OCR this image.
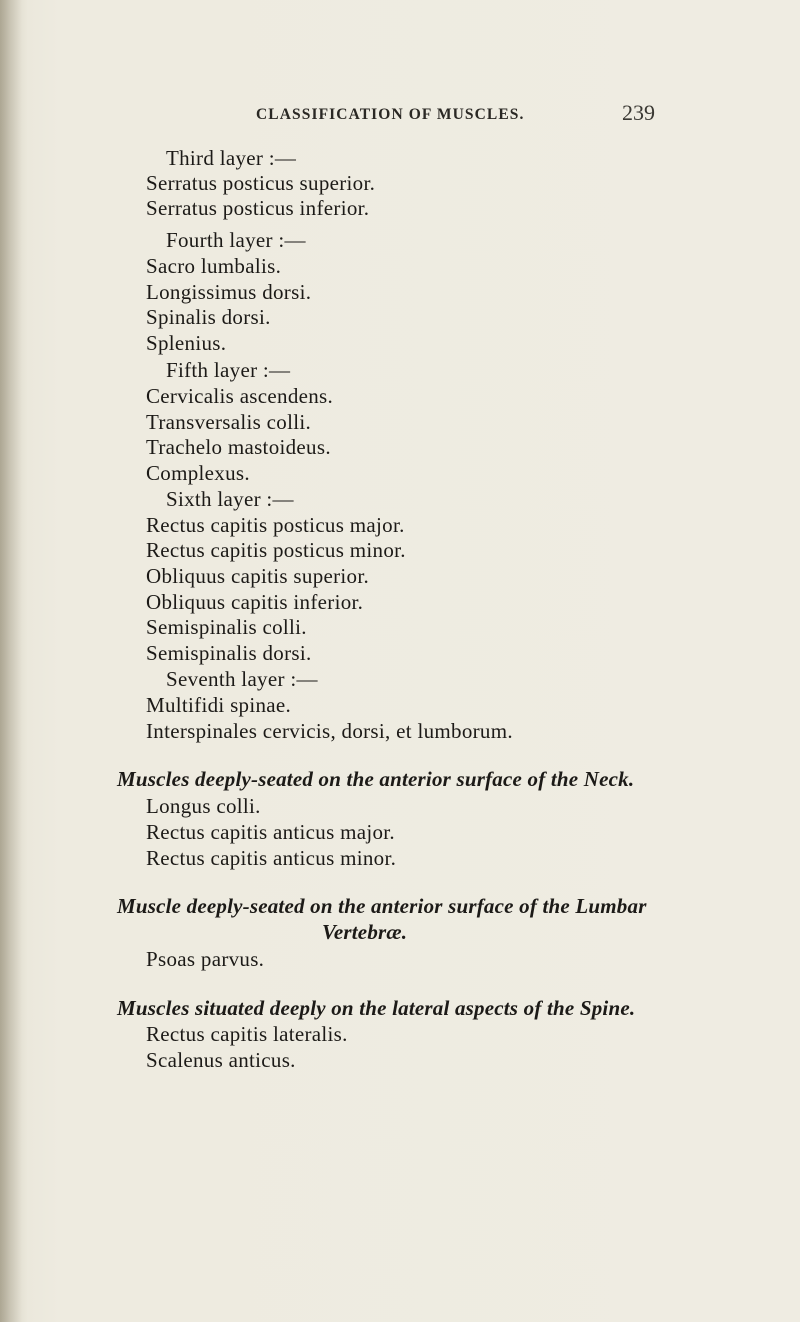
CLASSIFICATION OF MUSCLES.	239
Third layer :—
Serratus posticus superior.
Serratus posticus inferior.
Fourth layer :—
Sacro lumbalis.
Longissimus dorsi.
Spinalis dorsi.
Splenius.
Fifth layer :—
Cervicalis ascendens.
Transversalis colli.
Trachelo mastoideus.
Complexus.
Sixth layer :—
Rectus capitis posticus major.
Rectus capitis posticus minor.
Obliquus capitis superior.
Obliquus capitis inferior.
Semispinalis colli.
Semispinalis dorsi.
Seventh layer :—
Multifidi spinae.
Interspinales cervicis, dorsi, et lumborum.
Muscles deeply-seated on the anterior surface of the Neck.
Longus colli.
Rectus capitis anticus major.
Rectus capitis anticus minor.
Muscle deeply-seated on the anterior surface of the Lumbar
Vertebræ.
Psoas parvus.
Muscles situated deeply on the lateral aspects of the Spine.
Rectus capitis lateralis.
Scalenus anticus.
